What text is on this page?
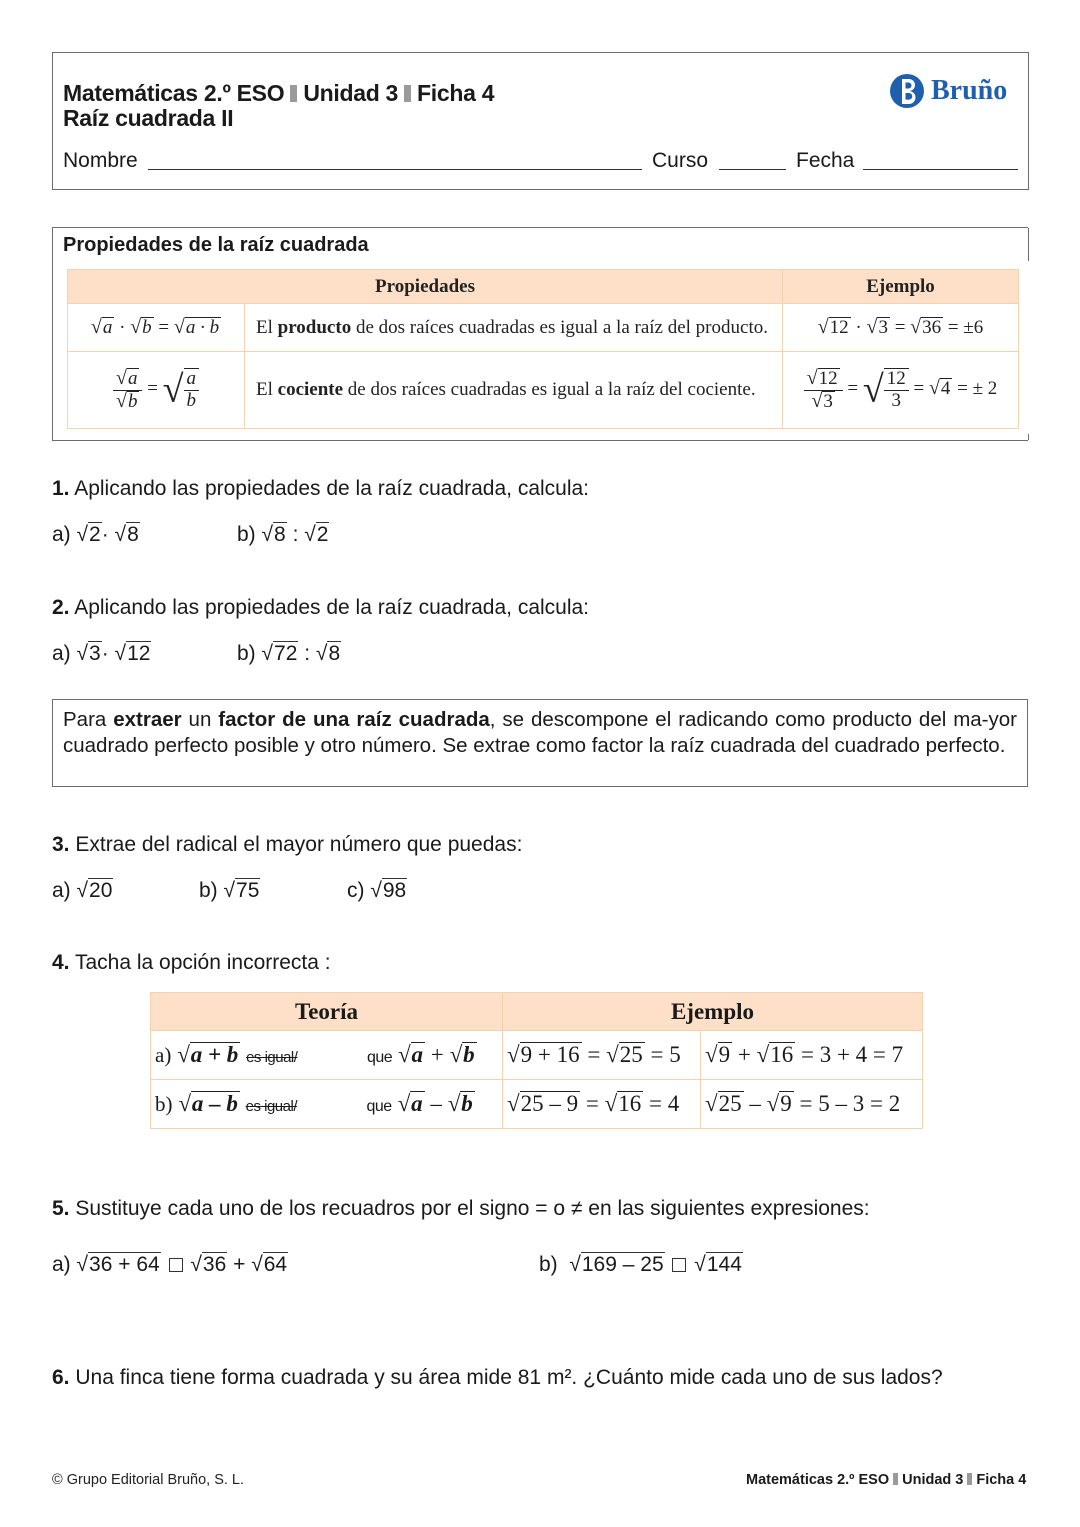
Matemáticas 2.º ESO Unidad 3 Ficha 4
Raíz cuadrada II
Bruño
Nombre	Curso	Fecha
Propiedades de la raíz cuadrada
Propiedades		Ejemplo
√a · √b = √a · b	El producto de dos raíces cuadradas es igual a la raíz del producto.	√12 · √3 = √36 = ±6

$\frac{√a}{√b}$ = √ $\frac{a}{b}$	El cociente de dos raíces cuadradas es igual a la raíz del cociente.	$\frac{√12}{√3}$ = √ $\frac{12}{3} = √4$ = ± 2
1. Aplicando las propiedades de la raíz cuadrada, calcula:
a) √2· √8	b) √8 : √2
2. Aplicando las propiedades de la raíz cuadrada, calcula:
a) √3· √12	b) √72 : √8
Para extraer un factor de una raíz cuadrada, se descompone el radicando como producto del ma-yor cuadrado perfecto posible y otro número. Se extrae como factor la raíz cuadrada del cuadrado perfecto.
3. Extrae del radical el mayor número que puedas:
a) √20	b) √75	c) √98
4. Tacha la opción incorrecta :
Teoría	Ejemplo	
a) √a + b es igual/ que √a + √b	√9 + 16 = √25 = 5	√9 + √16 = 3 + 4 = 7
b) √a – b es igual/ que √a – √b	√25 – 9 = √16 = 4	√25 – √9 = 5 – 3 = 2
5. Sustituye cada uno de los recuadros por el signo = o ≠ en las siguientes expresiones:
a) √36 + 64  √36 + √64	b)  √169 – 25  √144
6. Una finca tiene forma cuadrada y su área mide 81 m². ¿Cuánto mide cada uno de sus lados?
© Grupo Editorial Bruño, S. L.	Matemáticas 2.º ESO Unidad 3 Ficha 4
